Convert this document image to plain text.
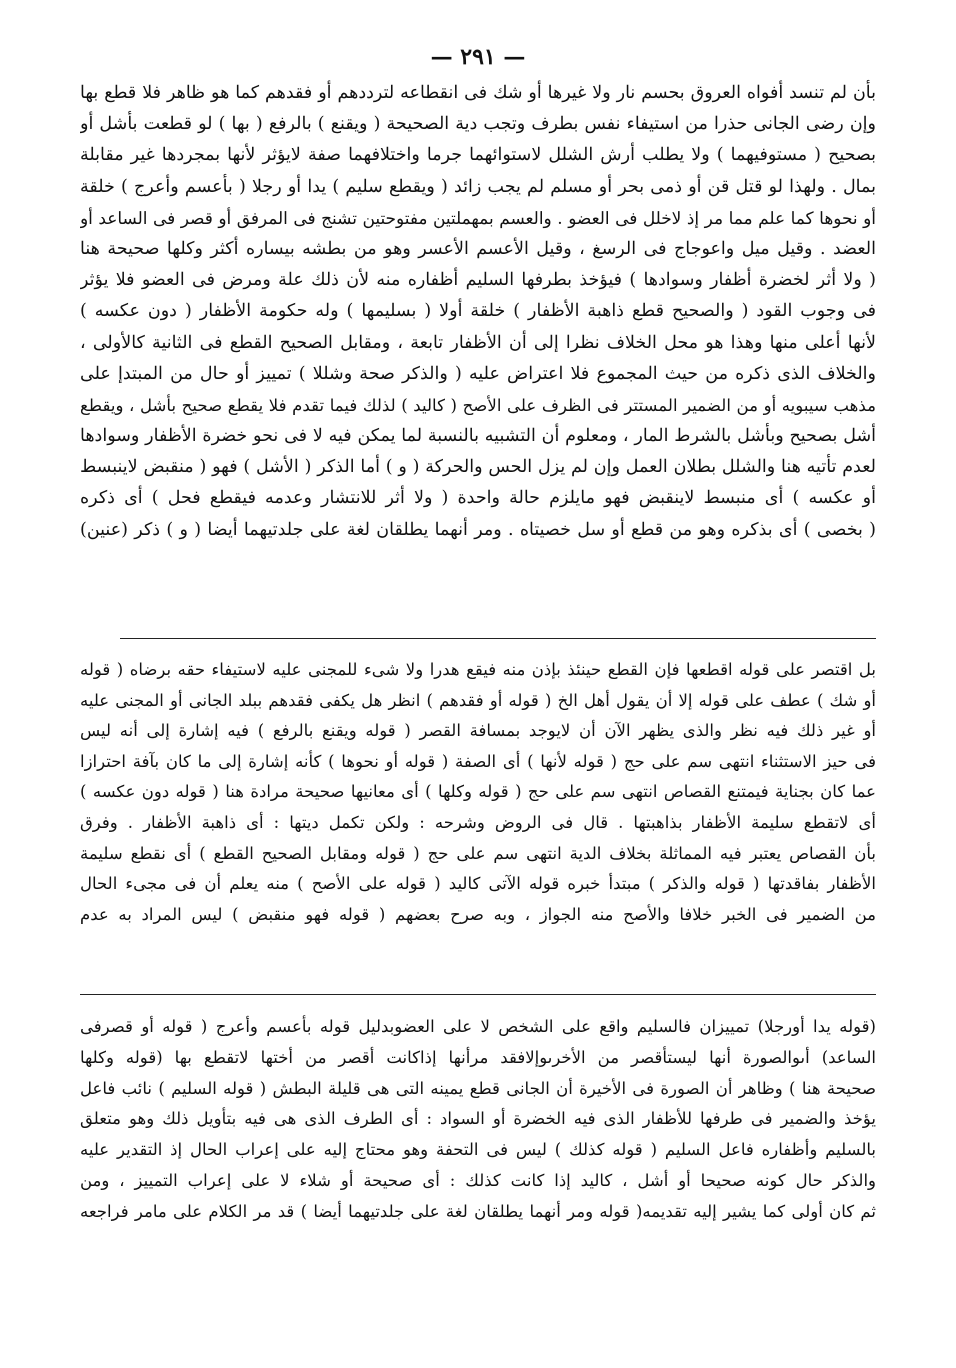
— ٢٩١ —
بأن لم تنسد أفواه العروق بحسم نار ولا غيرها أو شك فى انقطاعه لترددهم أو فقدهم كما هو ظاهر فلا قطع بها
وإن رضى الجانى حذرا من استيفاء نفس بطرف وتجب دية الصحيحة ( ويقنع ) بالرفع ( بها ) لو قطعت بأشل أو
بصحيح ( مستوفيهما ) ولا يطلب أرش الشلل لاستوائهما جرما واختلافهما صفة لايؤثر لأنها بمجردها غير مقابلة
بمال . ولهذا لو قتل قن أو ذمى بحر أو مسلم لم يجب زائد ( ويقطع سليم ) يدا أو رجلا ( بأعسم وأعرج ) خلقة
أو نحوها كما علم مما مر إذ لاخلل فى العضو . والعسم بمهملتين مفتوحتين تشنج فى المرفق أو قصر فى الساعد أو
العضد . وقيل ميل واعوجاج فى الرسغ ، وقيل الأعسم الأعسر وهو من بطشه بيساره أكثر وكلها صحيحة هنا
( ولا أثر لخضرة أظفار وسوادها ) فيؤخذ بطرفها السليم أظفاره منه لأن ذلك علة ومرض فى العضو فلا يؤثر
فى وجوب القود ( والصحيح قطع ذاهبة الأظفار ) خلقة أولا ( بسليمها ) وله حكومة الأظفار ( دون عكسه )
لأنها أعلى منها وهذا هو محل الخلاف نظرا إلى أن الأظفار تابعة ، ومقابل الصحيح القطع فى الثانية كالأولى ،
والخلاف الذى ذكره من حيث المجموع فلا اعتراض عليه ( والذكر صحة وشللا ) تمييز أو حال من المبتدإ على
مذهب سيبويه أو من الضمير المستتر فى الظرف على الأصح ( كاليد ) لذلك فيما تقدم فلا يقطع صحيح بأشل ، ويقطع
أشل بصحيح وبأشل بالشرط المار ، ومعلوم أن التشبيه بالنسبة لما يمكن فيه لا فى نحو خضرة الأظفار وسوادها
لعدم تأتيه هنا والشلل بطلان العمل وإن لم يزل الحس والحركة ( و ) أما الذكر ( الأشل ) فهو ( منقبض لاينبسط
أو عكسه ) أى منبسط لاينقبض فهو مايلزم حالة واحدة ( ولا أثر للانتشار وعدمه فيقطع فحل ) أى ذكره
( بخصى ) أى بذكره وهو من قطع أو سل خصيتاه . ومر أنهما يطلقان لغة على جلدتيهما أيضا ( و ) ذكر (عنين)
بل اقتصر على قوله اقطعها فإن القطع حينئذ بإذن منه فيقع هدرا ولا شىء للمجنى عليه لاستيفاء حقه برضاه ( قوله
أو شك ) عطف على قوله إلا أن يقول أهل الخ ( قوله أو فقدهم ) انظر هل يكفى فقدهم ببلد الجانى أو المجنى عليه
أو غير ذلك فيه نظر والذى يظهر الآن أن لايوجد بمسافة القصر ( قوله ويقنع بالرفع ) فيه إشارة إلى أنه ليس
فى حيز الاستثناء انتهى سم على حج ( قوله لأنها ) أى الصفة ( قوله أو نحوها ) كأنه إشارة إلى ما كان بآفة احترازا
عما كان بجناية فيمتنع القصاص انتهى سم على حج ( قوله وكلها ) أى معانيها صحيحة مرادة هنا ( قوله دون عكسه )
أى لاتقطع سليمة الأظفار بذاهبتها . قال فى الروض وشرحه : ولكن تكمل ديتها : أى ذاهبة الأظفار . وفرق
بأن القصاص يعتبر فيه المماثلة بخلاف الدية انتهى سم على حج ( قوله ومقابل الصحيح القطع ) أى نقطع سليمة
الأظفار بفاقدتها ( قوله والذكر ) مبتدأ خبره قوله الآتى كاليد ( قوله على الأصح ) منه يعلم أن فى مجىء الحال
من الضمير فى الخبر خلافا والأصح منه الجواز ، وبه صرح بعضهم ( قوله فهو منقبض ) ليس المراد به عدم
(قوله يدا أورجلا) تمييزان فالسليم واقع على الشخص لا على العضوبدليل قوله بأعسم وأعرج ( قوله أو قصرفى
الساعد) أىوالصورة أنها ليستأقصر من الأخرىوإلافقد مرأنها إذاكانت أقصر من أختها لاتقطع بها (قوله وكلها
صحيحة هنا ) وظاهر أن الصورة فى الأخيرة أن الجانى قطع يمينه التى هى قليلة البطش ( قوله السليم ) نائب فاعل
يؤخذ والضمير فى طرفها للأظفار الذى فيه الخضرة أو السواد : أى الطرف الذى هى فيه بتأويل ذلك وهو متعلق
بالسليم وأظفاره فاعل السليم ( قوله كذلك ) ليس فى التحفة وهو محتاج إليه على إعراب الحال إذ التقدير عليه
والذكر حال كونه صحيحا أو أشل ، كاليد إذا كانت كذلك : أى صحيحة أو شلاء لا على إعراب التمييز ، ومن
ثم كان أولى كما يشير إليه تقديمه( قوله ومر أنهما يطلقان لغة على جلدتيهما أيضا ) قد مر الكلام على مامر فراجعه
